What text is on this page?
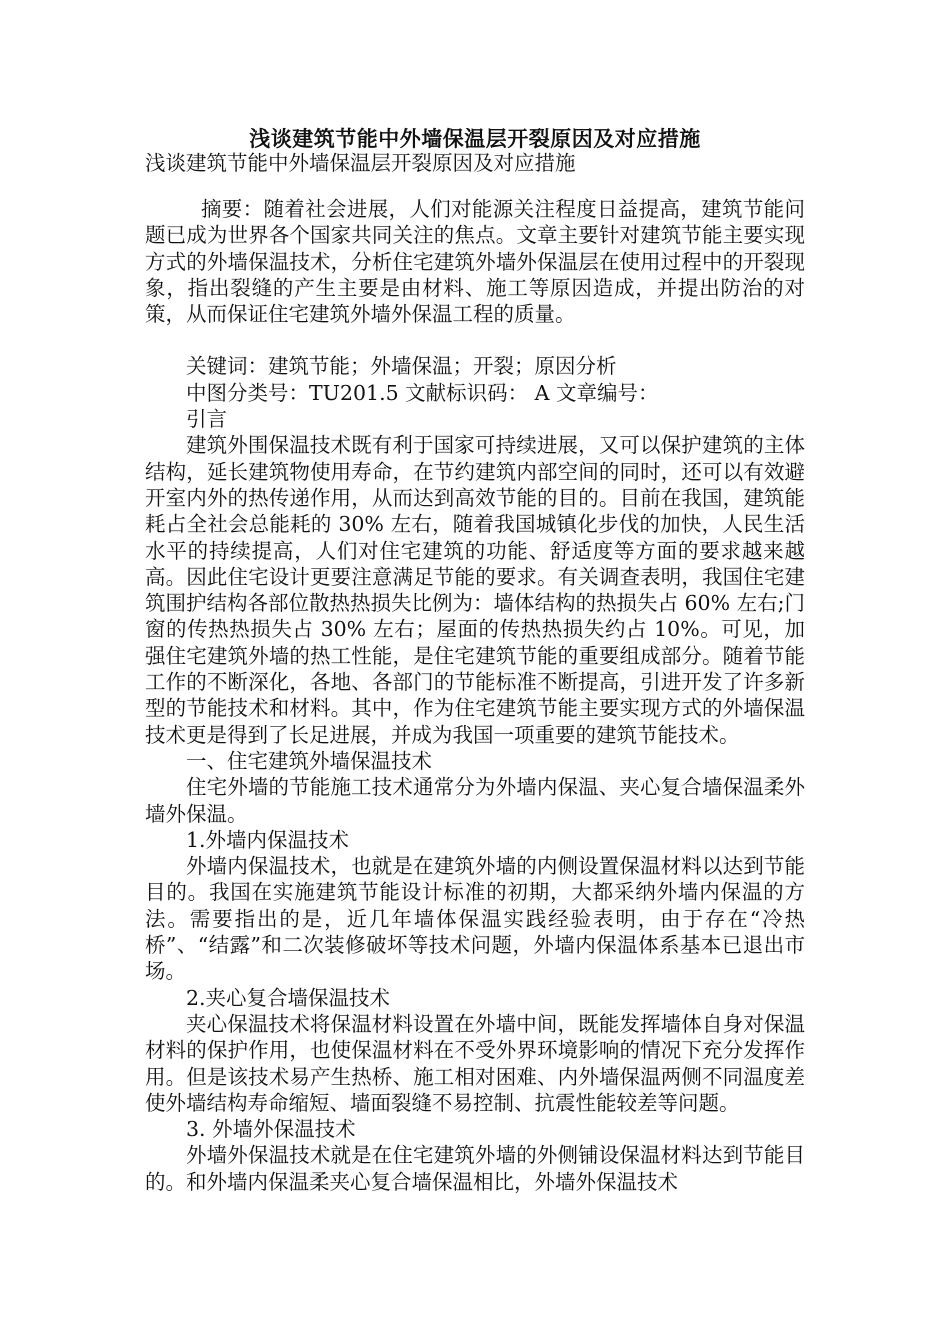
浅谈建筑节能中外墙保温层开裂原因及对应措施

浅谈建筑节能中外墙保温层开裂原因及对应措施

摘要：随着社会进展，人们对能源关注程度日益提高，建筑节能问题已成为世界各个国家共同关注的焦点。文章主要针对建筑节能主要实现方式的外墙保温技术，分析住宅建筑外墙外保温层在使用过程中的开裂现象，指出裂缝的产生主要是由材料、施工等原因造成，并提出防治的对策，从而保证住宅建筑外墙外保温工程的质量。

关键词：建筑节能；外墙保温；开裂；原因分析

中图分类号：TU201.5 文献标识码： A 文章编号：

引言

建筑外围保温技术既有利于国家可持续进展，又可以保护建筑的主体结构，延长建筑物使用寿命，在节约建筑内部空间的同时，还可以有效避开室内外的热传递作用，从而达到高效节能的目的。目前在我国，建筑能耗占全社会总能耗的 30% 左右，随着我国城镇化步伐的加快，人民生活水平的持续提高，人们对住宅建筑的功能、舒适度等方面的要求越来越高。因此住宅设计更要注意满足节能的要求。有关调查表明，我国住宅建筑围护结构各部位散热热损失比例为：墙体结构的热损失占 60% 左右;门窗的传热热损失占 30% 左右；屋面的传热热损失约占 10%。可见，加强住宅建筑外墙的热工性能，是住宅建筑节能的重要组成部分。随着节能工作的不断深化，各地、各部门的节能标准不断提高，引进开发了许多新型的节能技术和材料。其中，作为住宅建筑节能主要实现方式的外墙保温技术更是得到了长足进展，并成为我国一项重要的建筑节能技术。

一、住宅建筑外墙保温技术

住宅外墙的节能施工技术通常分为外墙内保温、夹心复合墙保温柔外墙外保温。

1.外墙内保温技术

外墙内保温技术，也就是在建筑外墙的内侧设置保温材料以达到节能目的。我国在实施建筑节能设计标准的初期，大都采纳外墙内保温的方法。需要指出的是，近几年墙体保温实践经验表明，由于存在“冷热桥”、“结露”和二次装修破坏等技术问题，外墙内保温体系基本已退出市场。

2.夹心复合墙保温技术

夹心保温技术将保温材料设置在外墙中间，既能发挥墙体自身对保温材料的保护作用，也使保温材料在不受外界环境影响的情况下充分发挥作用。但是该技术易产生热桥、施工相对困难、内外墙保温两侧不同温度差使外墙结构寿命缩短、墙面裂缝不易控制、抗震性能较差等问题。

3. 外墙外保温技术

外墙外保温技术就是在住宅建筑外墙的外侧铺设保温材料达到节能目的。和外墙内保温柔夹心复合墙保温相比，外墙外保温技术
